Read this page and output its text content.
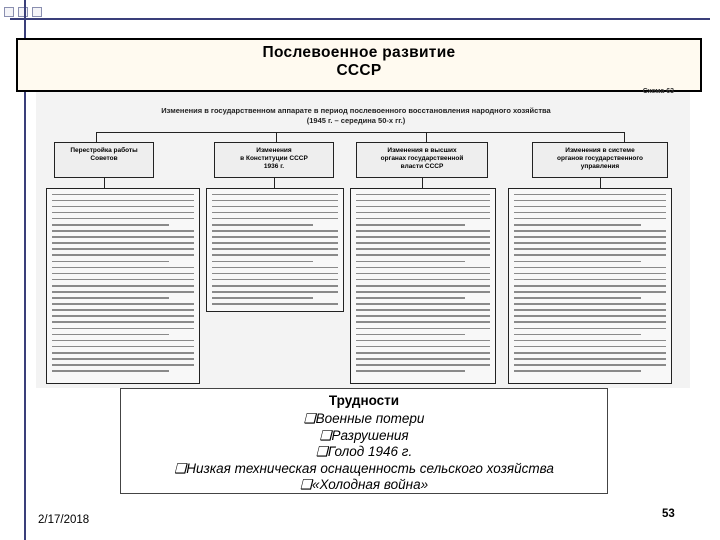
Послевоенное развитие
СССР
Схема 63
Изменения в государственном аппарате в период послевоенного восстановления народного хозяйства
(1945 г. – середина 50-х гг.)
Перестройка работы
Советов
Изменения
в Конституции СССР
1936 г.
Изменения в высших
органах государственной
власти СССР
Изменения в системе
органов государственного
управления
Трудности
❑Военные потери
❑Разрушения
❑Голод 1946 г.
❑Низкая техническая оснащенность сельского хозяйства
❑«Холодная война»
2/17/2018	53
